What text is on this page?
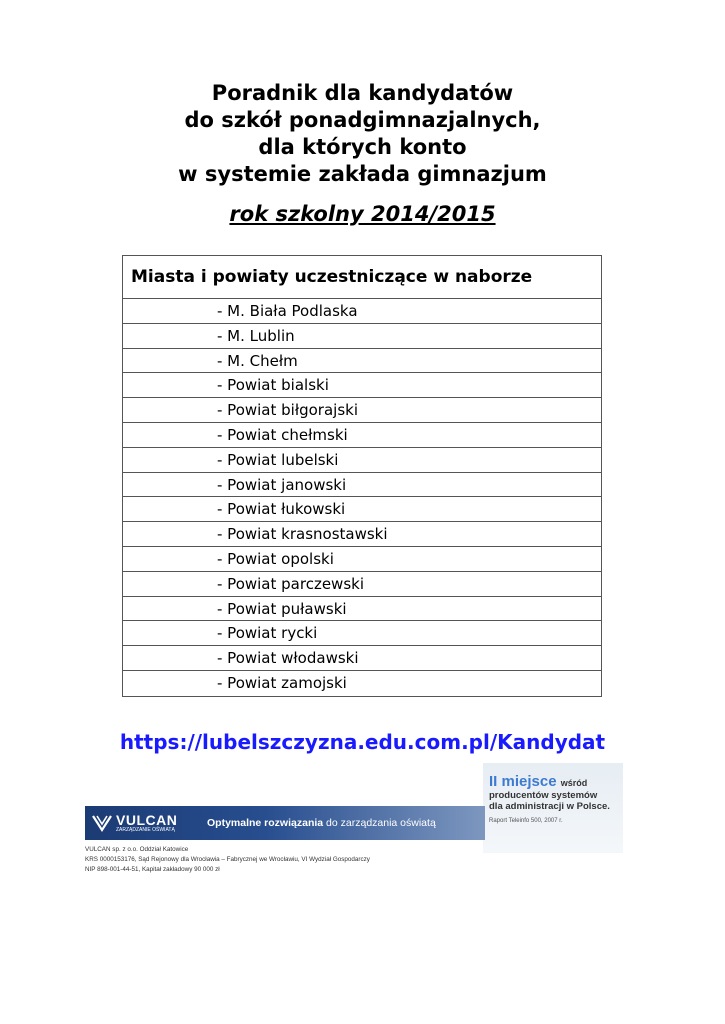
Poradnik dla kandydatów
do szkół ponadgimnazjalnych,
dla których konto
w systemie zakłada gimnazjum
rok szkolny 2014/2015
Miasta i powiaty uczestniczące w naborze
- M. Biała Podlaska
- M. Lublin
- M. Chełm
- Powiat bialski
- Powiat biłgorajski
- Powiat chełmski
- Powiat lubelski
- Powiat janowski
- Powiat łukowski
- Powiat krasnostawski
- Powiat opolski
- Powiat parczewski
- Powiat puławski
- Powiat rycki
- Powiat włodawski
- Powiat zamojski
https://lubelszczyzna.edu.com.pl/Kandydat
II miejsce wśród
producentów systemów
dla administracji w Polsce.
Raport Teleinfo 500, 2007 r.
VULCAN
ZARZĄDZANIE OŚWIATĄ
Optymalne rozwiązania do zarządzania oświatą
VULCAN sp. z o.o. Oddział Katowice
KRS 0000153176, Sąd Rejonowy dla Wrocławia – Fabrycznej we Wrocławiu, VI Wydział Gospodarczy
NIP 898-001-44-51, Kapitał zakładowy 90 000 zł
